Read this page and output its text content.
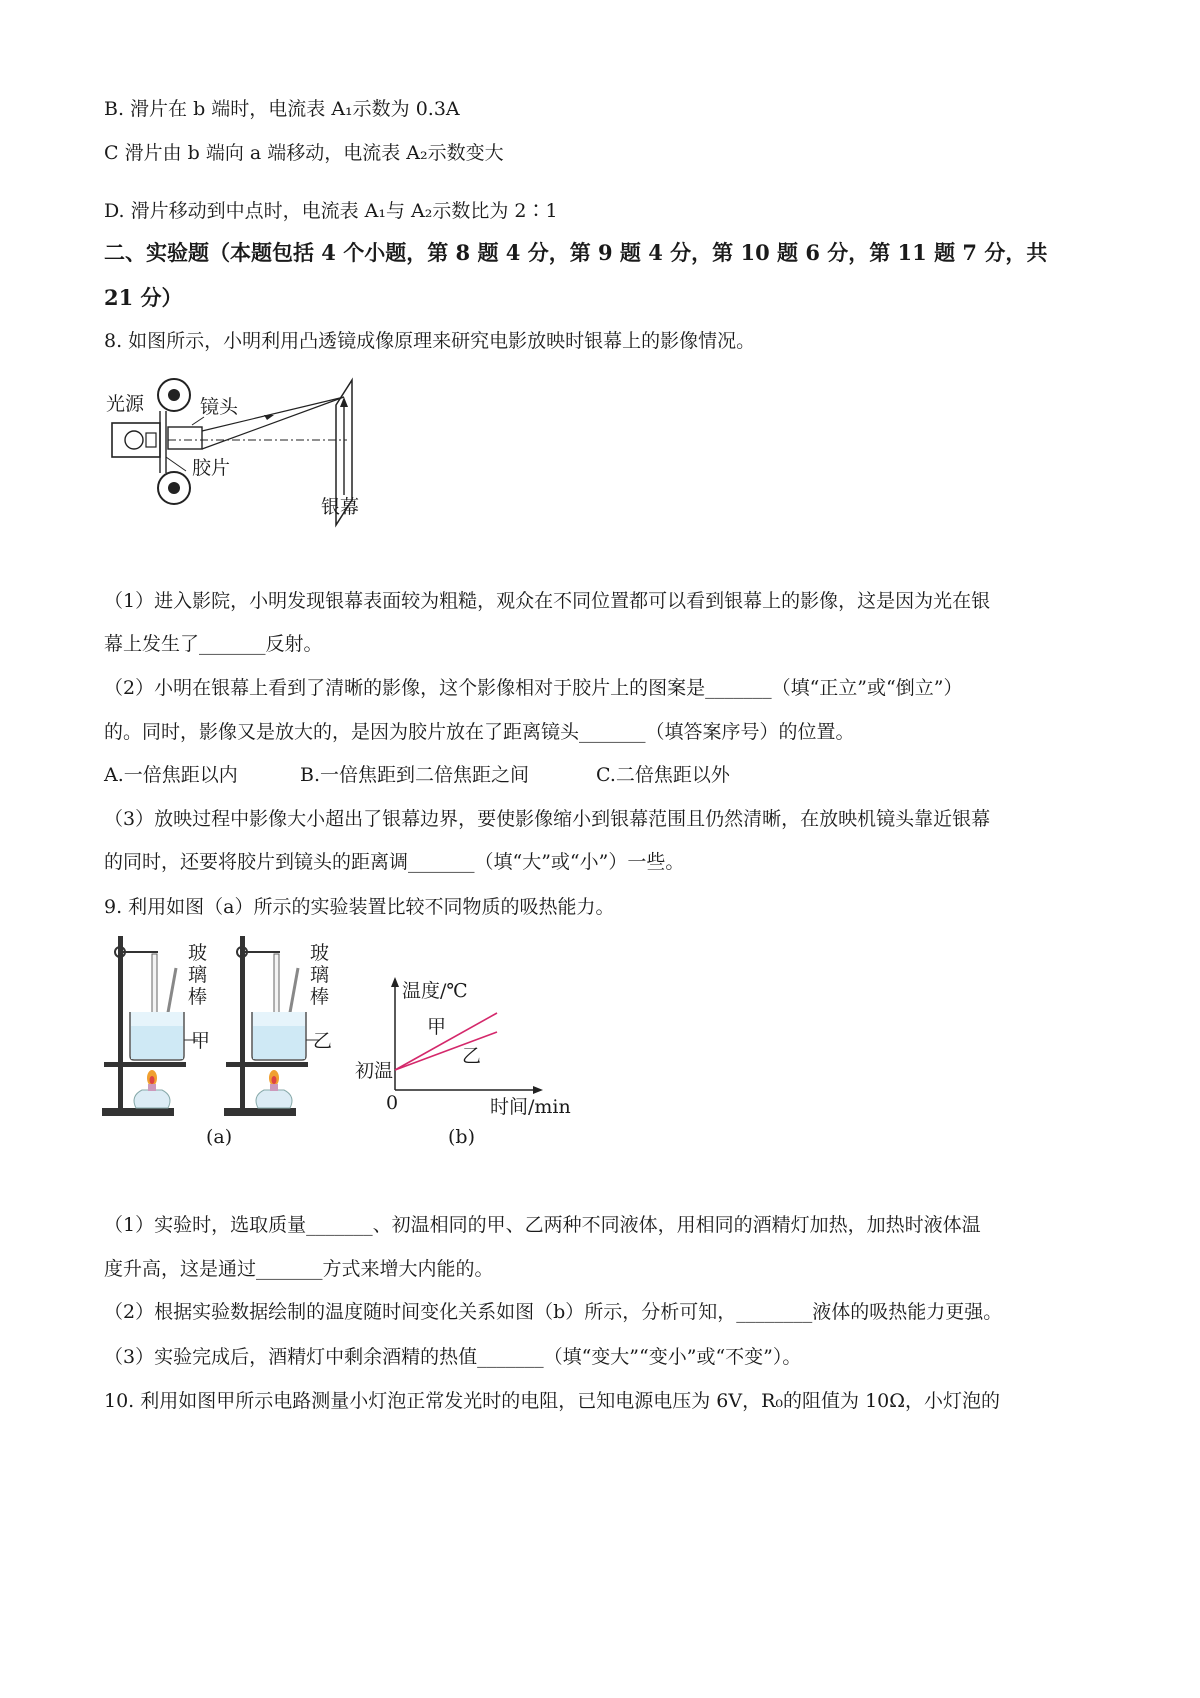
B. 滑片在 b 端时，电流表 A₁示数为 0.3A
C 滑片由 b 端向 a 端移动，电流表 A₂示数变大
D. 滑片移动到中点时，电流表 A₁与 A₂示数比为 2∶1
二、实验题（本题包括 4 个小题，第 8 题 4 分，第 9 题 4 分，第 10 题 6 分，第 11 题 7 分，共
21 分）
8. 如图所示，小明利用凸透镜成像原理来研究电影放映时银幕上的影像情况。
光源	镜头
胶片
银幕
（1）进入影院，小明发现银幕表面较为粗糙，观众在不同位置都可以看到银幕上的影像，这是因为光在银
幕上发生了_______反射。
（2）小明在银幕上看到了清晰的影像，这个影像相对于胶片上的图案是_______（填“正立”或“倒立”）
的。同时，影像又是放大的，是因为胶片放在了距离镜头_______（填答案序号）的位置。
A.一倍焦距以内	B.一倍焦距到二倍焦距之间	C.二倍焦距以外
（3）放映过程中影像大小超出了银幕边界，要使影像缩小到银幕范围且仍然清晰，在放映机镜头靠近银幕
的同时，还要将胶片到镜头的距离调_______（填“大”或“小”）一些。
9. 利用如图（a）所示的实验装置比较不同物质的吸热能力。
玻
璃
棒
玻
璃
棒
甲	乙
(a)
温度/℃
甲
乙
初温
0	时间/min
(b)
（1）实验时，选取质量_______、初温相同的甲、乙两种不同液体，用相同的酒精灯加热，加热时液体温
度升高，这是通过_______方式来增大内能的。
（2）根据实验数据绘制的温度随时间变化关系如图（b）所示，分析可知，________液体的吸热能力更强。
（3）实验完成后，酒精灯中剩余酒精的热值_______（填“变大”“变小”或“不变”）。
10. 利用如图甲所示电路测量小灯泡正常发光时的电阻，已知电源电压为 6V，R₀的阻值为 10Ω，小灯泡的
